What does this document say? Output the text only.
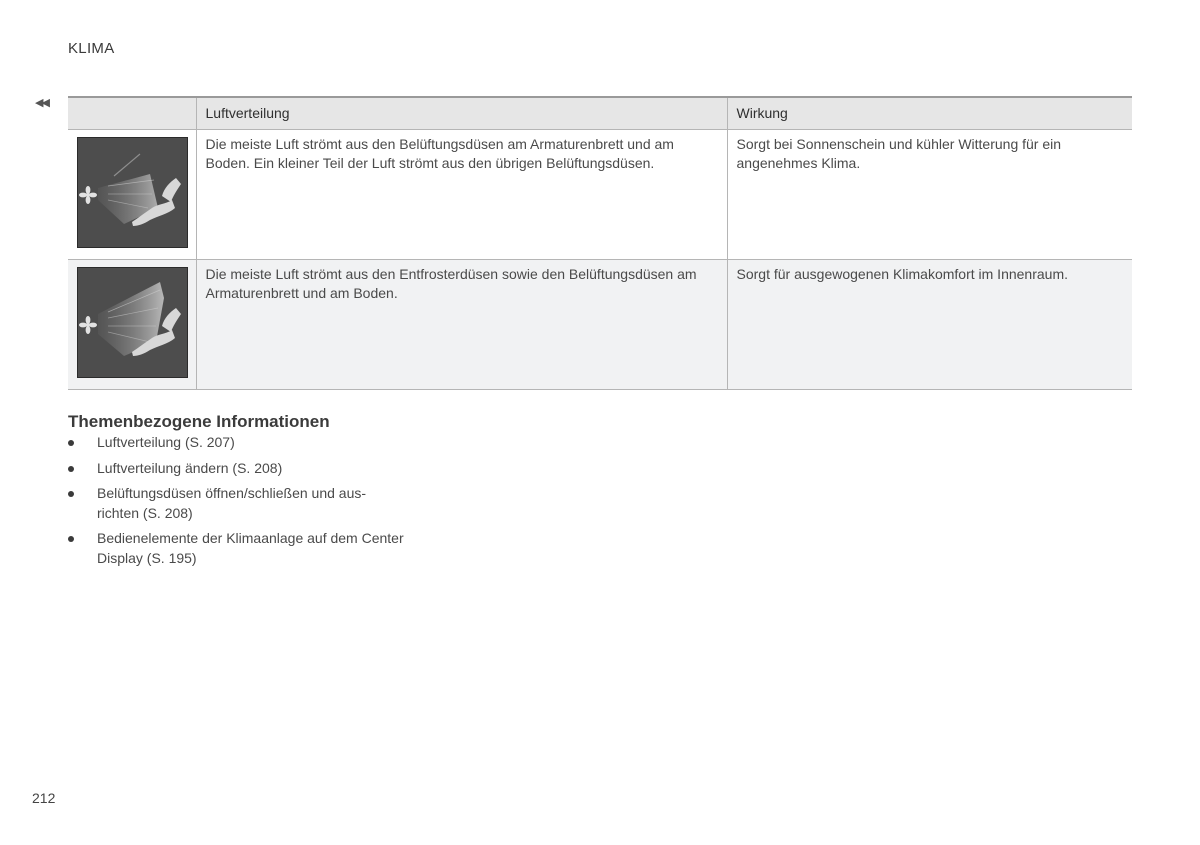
KLIMA
◀◀
	Luftverteilung	Wirkung

	Die meiste Luft strömt aus den Belüftungsdüsen am Armaturenbrett und am Boden. Ein kleiner Teil der Luft strömt aus den übrigen Belüftungsdüsen.	Sorgt bei Sonnenschein und kühler Witterung für ein angenehmes Klima.

	Die meiste Luft strömt aus den Entfrosterdüsen sowie den Belüftungsdüsen am Armaturenbrett und am Boden.	Sorgt für ausgewogenen Klimakomfort im Innenraum.
Themenbezogene Informationen
Luftverteilung (S. 207)
Luftverteilung ändern (S. 208)
Belüftungsdüsen öffnen/schließen und aus-richten (S. 208)
Bedienelemente der Klimaanlage auf dem Center Display (S. 195)
212
